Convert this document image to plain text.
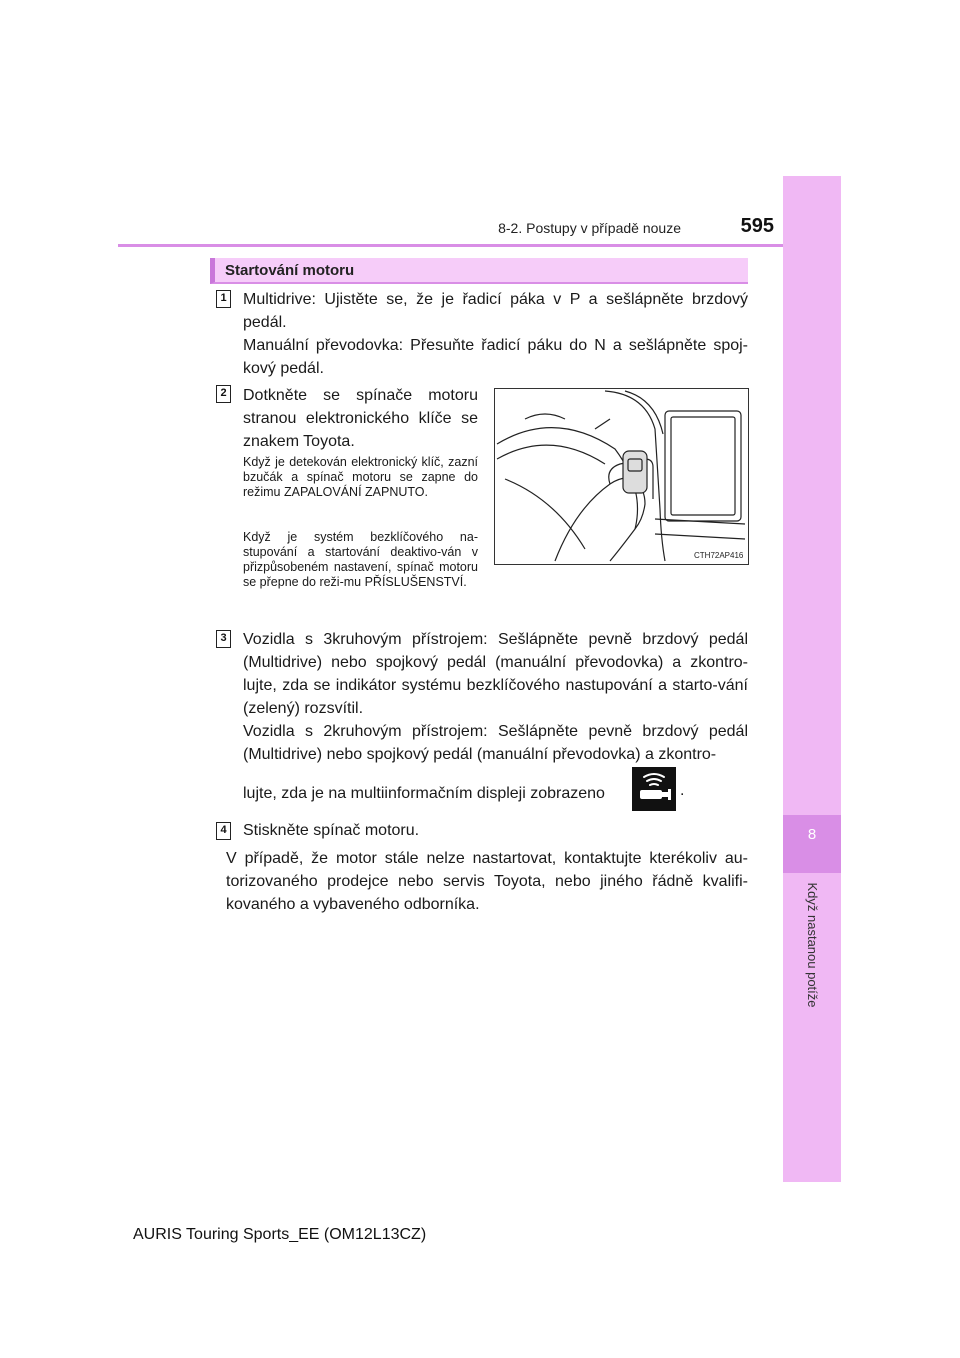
8
Když nastanou potíže
8-2. Postupy v případě nouze	595
Startování motoru
1 Multidrive: Ujistěte se, že je řadicí páka v P a sešlápněte brzdový pedál.
Manuální převodovka: Přesuňte řadicí páku do N a sešlápněte spoj-kový pedál.
2 Dotkněte se spínače motoru stranou elektronického klíče se znakem Toyota.
Když je detekován elektronický klíč, zazní bzučák a spínač motoru se zapne do režimu ZAPALOVÁNÍ ZAPNUTO.
Když je systém bezklíčového na-stupování a startování deaktivo-ván v přizpůsobeném nastavení, spínač motoru se přepne do reži-mu PŘÍSLUŠENSTVÍ.
CTH72AP416
3 Vozidla s 3kruhovým přístrojem: Sešlápněte pevně brzdový pedál (Multidrive) nebo spojkový pedál (manuální převodovka) a zkontro-lujte, zda se indikátor systému bezklíčového nastupování a starto-vání (zelený) rozsvítil.
Vozidla s 2kruhovým přístrojem: Sešlápněte pevně brzdový pedál (Multidrive) nebo spojkový pedál (manuální převodovka) a zkontro-
lujte, zda je na multiinformačním displeji zobrazeno	.
4 Stiskněte spínač motoru.
V případě, že motor stále nelze nastartovat, kontaktujte kterékoliv au-torizovaného prodejce nebo servis Toyota, nebo jiného řádně kvalifi-kovaného a vybaveného odborníka.
AURIS Touring Sports_EE (OM12L13CZ)
